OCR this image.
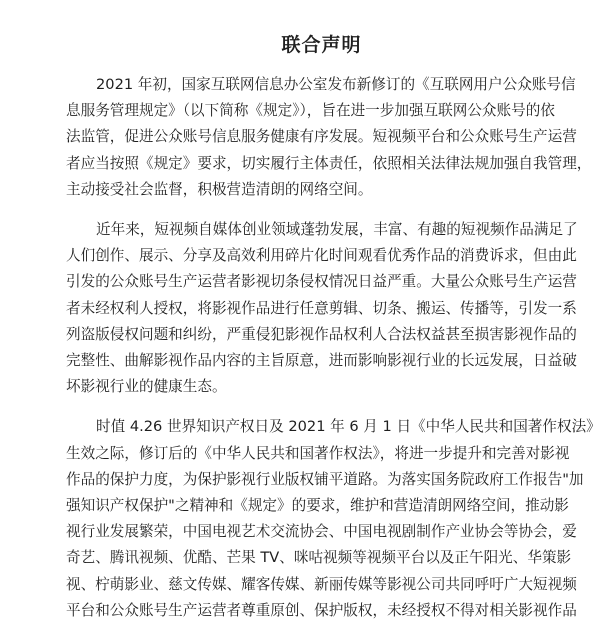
联合声明
2021 年初，国家互联网信息办公室发布新修订的《互联网用户公众账号信
息服务管理规定》（以下简称《规定》），旨在进一步加强互联网公众账号的依
法监管，促进公众账号信息服务健康有序发展。短视频平台和公众账号生产运营
者应当按照《规定》要求，切实履行主体责任，依照相关法律法规加强自我管理，
主动接受社会监督，积极营造清朗的网络空间。
近年来，短视频自媒体创业领域蓬勃发展，丰富、有趣的短视频作品满足了
人们创作、展示、分享及高效利用碎片化时间观看优秀作品的消费诉求，但由此
引发的公众账号生产运营者影视切条侵权情况日益严重。大量公众账号生产运营
者未经权利人授权，将影视作品进行任意剪辑、切条、搬运、传播等，引发一系
列盗版侵权问题和纠纷，严重侵犯影视作品权利人合法权益甚至损害影视作品的
完整性、曲解影视作品内容的主旨原意，进而影响影视行业的长远发展，日益破
坏影视行业的健康生态。
时值 4.26 世界知识产权日及 2021 年 6 月 1 日《中华人民共和国著作权法》
生效之际，修订后的《中华人民共和国著作权法》，将进一步提升和完善对影视
作品的保护力度，为保护影视行业版权铺平道路。为落实国务院政府工作报告"加
强知识产权保护"之精神和《规定》的要求，维护和营造清朗网络空间，推动影
视行业发展繁荣，中国电视艺术交流协会、中国电视剧制作产业协会等协会，爱
奇艺、腾讯视频、优酷、芒果 TV、咪咕视频等视频平台以及正午阳光、华策影
视、柠萌影业、慈文传媒、耀客传媒、新丽传媒等影视公司共同呼吁广大短视频
平台和公众账号生产运营者尊重原创、保护版权，未经授权不得对相关影视作品
